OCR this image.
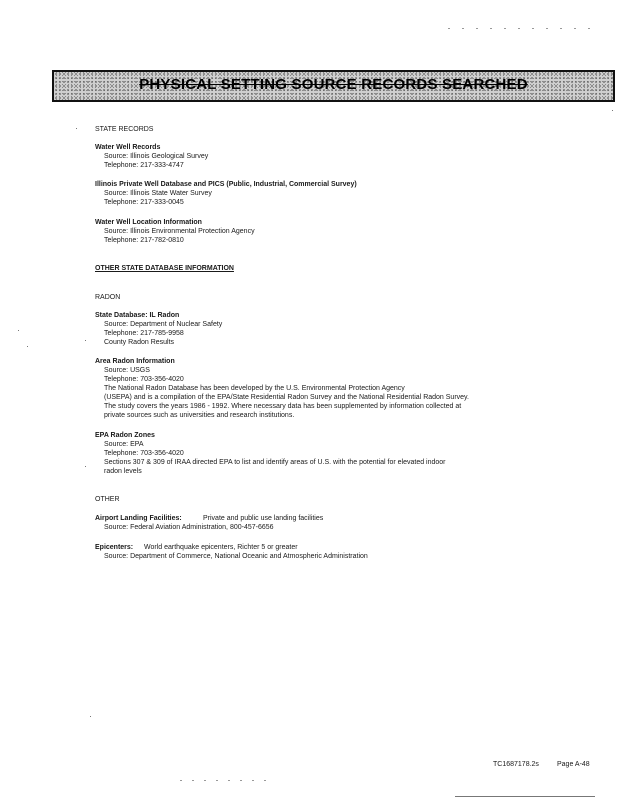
PHYSICAL SETTING SOURCE RECORDS SEARCHED
STATE RECORDS
Water Well Records
Source: Illinois Geological Survey
Telephone: 217-333-4747
Illinois Private Well Database and PICS (Public, Industrial, Commercial Survey)
Source: Illinois State Water Survey
Telephone: 217-333-0045
Water Well Location Information
Source: Illinois Environmental Protection Agency
Telephone: 217-782-0810
OTHER STATE DATABASE INFORMATION
RADON
State Database: IL Radon
Source: Department of Nuclear Safety
Telephone: 217-785-9958
County Radon Results
Area Radon Information
Source: USGS
Telephone: 703-356-4020
The National Radon Database has been developed by the U.S. Environmental Protection Agency
(USEPA) and is a compilation of the EPA/State Residential Radon Survey and the National Residential Radon Survey.
The study covers the years 1986 - 1992. Where necessary data has been supplemented by information collected at
private sources such as universities and research institutions.
EPA Radon Zones
Source: EPA
Telephone: 703-356-4020
Sections 307 & 309 of IRAA directed EPA to list and identify areas of U.S. with the potential for elevated indoor
radon levels
OTHER
Airport Landing Facilities:	Private and public use landing facilities
Source: Federal Aviation Administration, 800-457-6656
Epicenters: World earthquake epicenters, Richter 5 or greater
Source: Department of Commerce, National Oceanic and Atmospheric Administration
TC1687178.2s	Page A-48
